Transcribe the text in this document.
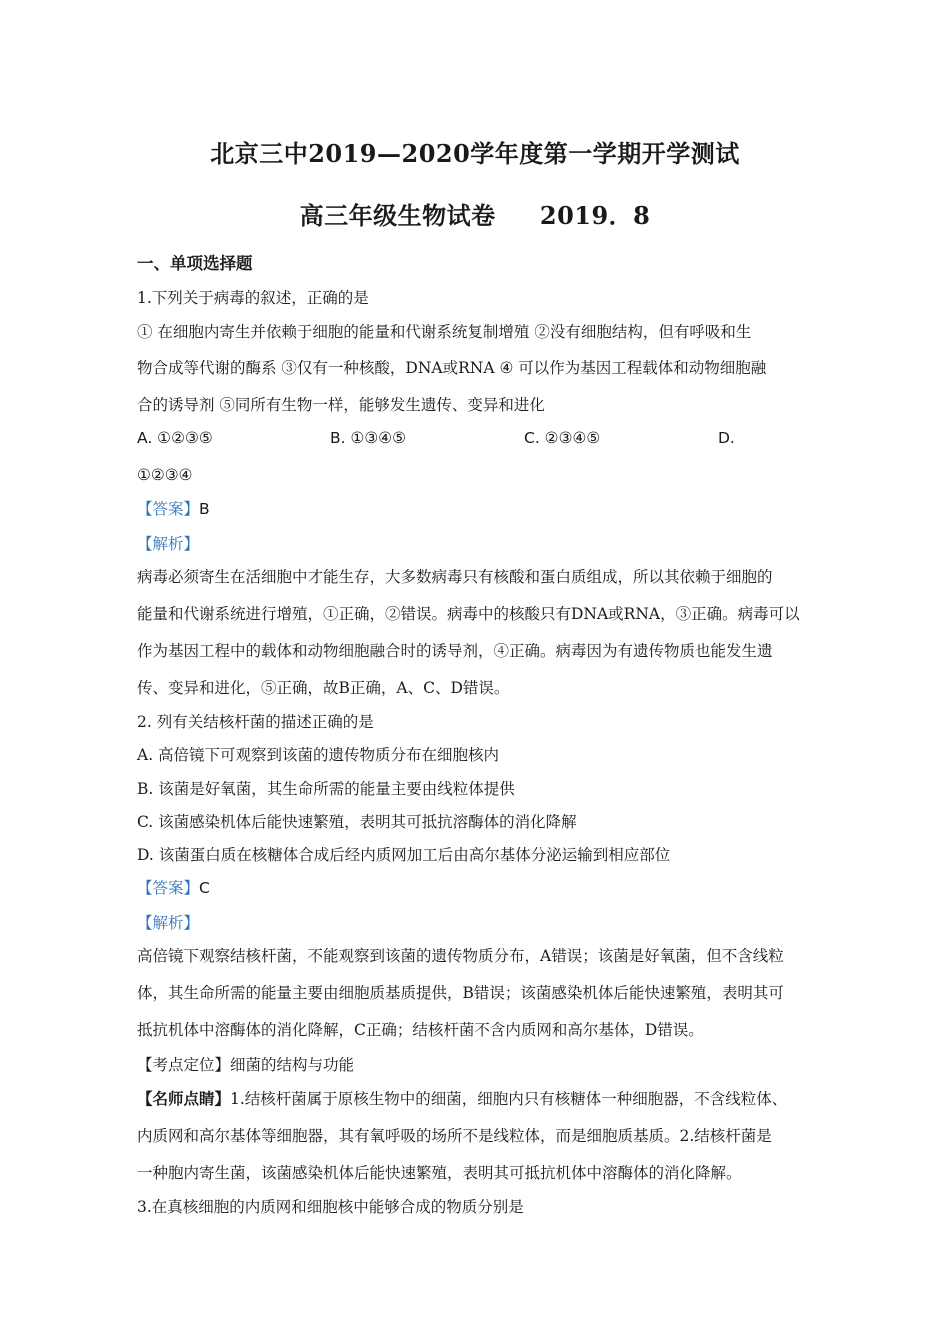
北京三中2019—2020学年度第一学期开学测试
高三年级生物试卷     2019．8
一、单项选择题
1.下列关于病毒的叙述，正确的是
① 在细胞内寄生并依赖于细胞的能量和代谢系统复制增殖 ②没有细胞结构，但有呼吸和生
物合成等代谢的酶系 ③仅有一种核酸，DNA或RNA ④ 可以作为基因工程载体和动物细胞融
合的诱导剂 ⑤同所有生物一样，能够发生遗传、变异和进化
A. ①②③⑤	B. ①③④⑤	C. ②③④⑤	D.
①②③④
【答案】B
【解析】
病毒必须寄生在活细胞中才能生存，大多数病毒只有核酸和蛋白质组成，所以其依赖于细胞的
能量和代谢系统进行增殖，①正确，②错误。病毒中的核酸只有DNA或RNA，③正确。病毒可以
作为基因工程中的载体和动物细胞融合时的诱导剂，④正确。病毒因为有遗传物质也能发生遗
传、变异和进化，⑤正确，故B正确，A、C、D错误。
2. 列有关结核杆菌的描述正确的是
A. 高倍镜下可观察到该菌的遗传物质分布在细胞核内
B. 该菌是好氧菌，其生命所需的能量主要由线粒体提供
C. 该菌感染机体后能快速繁殖，表明其可抵抗溶酶体的消化降解
D. 该菌蛋白质在核糖体合成后经内质网加工后由高尔基体分泌运输到相应部位
【答案】C
【解析】
高倍镜下观察结核杆菌，不能观察到该菌的遗传物质分布，A错误；该菌是好氧菌，但不含线粒
体，其生命所需的能量主要由细胞质基质提供，B错误；该菌感染机体后能快速繁殖，表明其可
抵抗机体中溶酶体的消化降解，C正确；结核杆菌不含内质网和高尔基体，D错误。
【考点定位】细菌的结构与功能
【名师点睛】1.结核杆菌属于原核生物中的细菌，细胞内只有核糖体一种细胞器，不含线粒体、
内质网和高尔基体等细胞器，其有氧呼吸的场所不是线粒体，而是细胞质基质。2.结核杆菌是
一种胞内寄生菌，该菌感染机体后能快速繁殖，表明其可抵抗机体中溶酶体的消化降解。
3.在真核细胞的内质网和细胞核中能够合成的物质分别是
